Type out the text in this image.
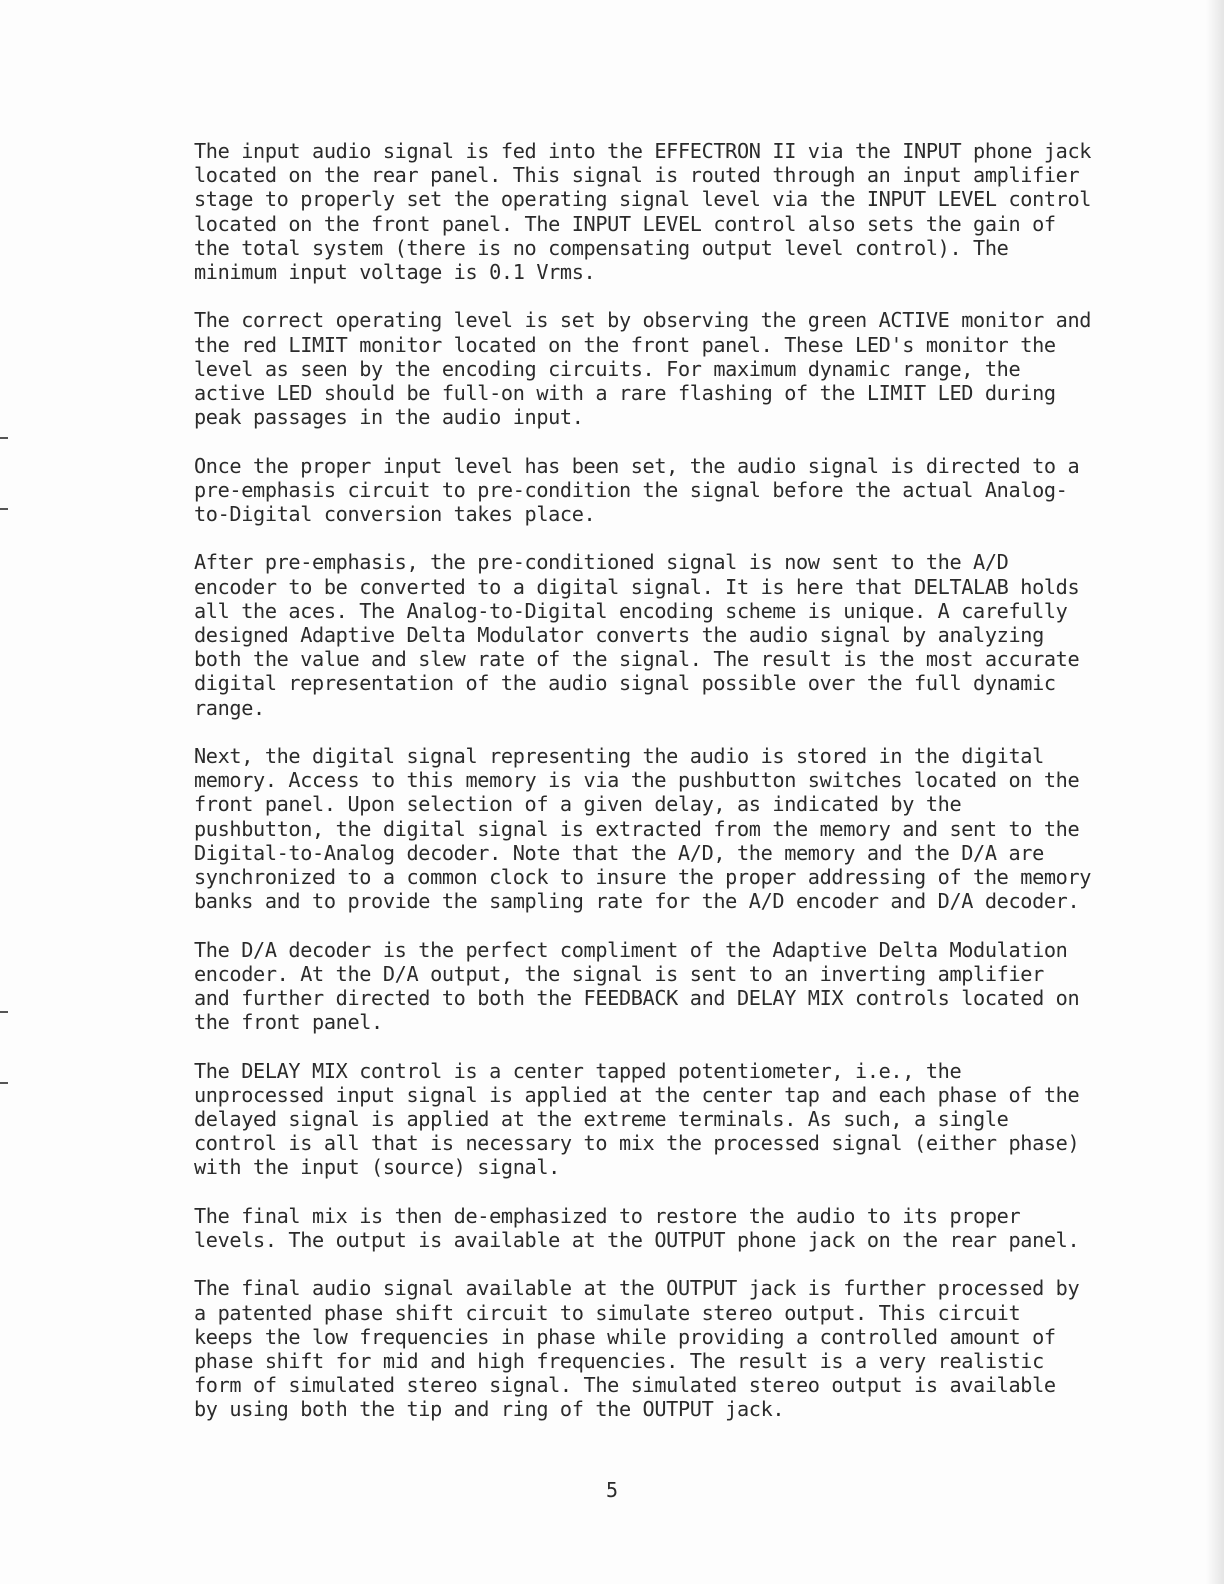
The input audio signal is fed into the EFFECTRON II via the INPUT phone jack
located on the rear panel. This signal is routed through an input amplifier
stage to properly set the operating signal level via the INPUT LEVEL control
located on the front panel. The INPUT LEVEL control also sets the gain of
the total system (there is no compensating output level control). The
minimum input voltage is 0.1 Vrms.

The correct operating level is set by observing the green ACTIVE monitor and
the red LIMIT monitor located on the front panel. These LED's monitor the
level as seen by the encoding circuits. For maximum dynamic range, the
active LED should be full-on with a rare flashing of the LIMIT LED during
peak passages in the audio input.

Once the proper input level has been set, the audio signal is directed to a
pre-emphasis circuit to pre-condition the signal before the actual Analog-
to-Digital conversion takes place.

After pre-emphasis, the pre-conditioned signal is now sent to the A/D
encoder to be converted to a digital signal. It is here that DELTALAB holds
all the aces. The Analog-to-Digital encoding scheme is unique. A carefully
designed Adaptive Delta Modulator converts the audio signal by analyzing
both the value and slew rate of the signal. The result is the most accurate
digital representation of the audio signal possible over the full dynamic
range.

Next, the digital signal representing the audio is stored in the digital
memory. Access to this memory is via the pushbutton switches located on the
front panel. Upon selection of a given delay, as indicated by the
pushbutton, the digital signal is extracted from the memory and sent to the
Digital-to-Analog decoder. Note that the A/D, the memory and the D/A are
synchronized to a common clock to insure the proper addressing of the memory
banks and to provide the sampling rate for the A/D encoder and D/A decoder.

The D/A decoder is the perfect compliment of the Adaptive Delta Modulation
encoder. At the D/A output, the signal is sent to an inverting amplifier
and further directed to both the FEEDBACK and DELAY MIX controls located on
the front panel.

The DELAY MIX control is a center tapped potentiometer, i.e., the
unprocessed input signal is applied at the center tap and each phase of the
delayed signal is applied at the extreme terminals. As such, a single
control is all that is necessary to mix the processed signal (either phase)
with the input (source) signal.

The final mix is then de-emphasized to restore the audio to its proper
levels. The output is available at the OUTPUT phone jack on the rear panel.

The final audio signal available at the OUTPUT jack is further processed by
a patented phase shift circuit to simulate stereo output. This circuit
keeps the low frequencies in phase while providing a controlled amount of
phase shift for mid and high frequencies. The result is a very realistic
form of simulated stereo signal. The simulated stereo output is available
by using both the tip and ring of the OUTPUT jack.

5
